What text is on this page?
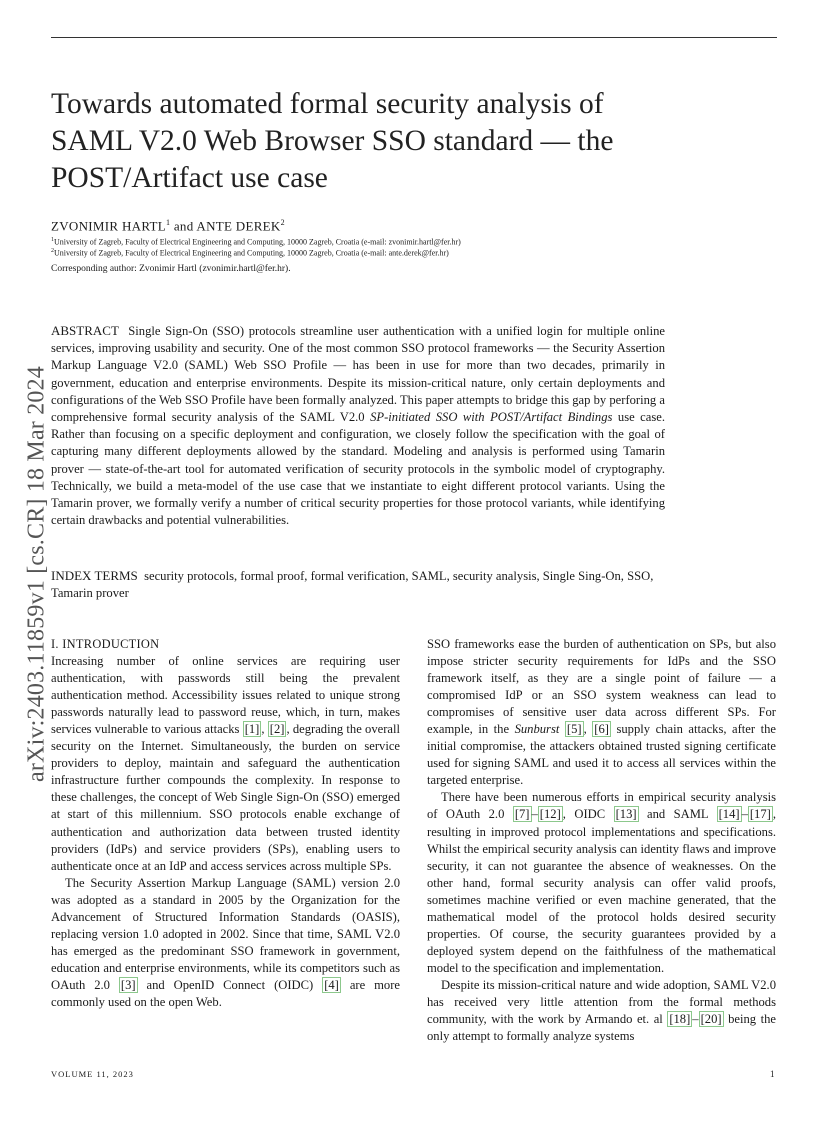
arXiv:2403.11859v1 [cs.CR] 18 Mar 2024
Towards automated formal security analysis of SAML V2.0 Web Browser SSO standard — the POST/Artifact use case
ZVONIMIR HARTL$^1$ and ANTE DEREK$^2$
$^1$University of Zagreb, Faculty of Electrical Engineering and Computing, 10000 Zagreb, Croatia (e-mail: zvonimir.hartl@fer.hr)
$^2$University of Zagreb, Faculty of Electrical Engineering and Computing, 10000 Zagreb, Croatia (e-mail: ante.derek@fer.hr)
Corresponding author: Zvonimir Hartl (zvonimir.hartl@fer.hr).
ABSTRACT Single Sign-On (SSO) protocols streamline user authentication with a unified login for multiple online services, improving usability and security. One of the most common SSO protocol frameworks — the Security Assertion Markup Language V2.0 (SAML) Web SSO Profile — has been in use for more than two decades, primarily in government, education and enterprise environments. Despite its mission-critical nature, only certain deployments and configurations of the Web SSO Profile have been formally analyzed. This paper attempts to bridge this gap by perforing a comprehensive formal security analysis of the SAML V2.0 SP-initiated SSO with POST/Artifact Bindings use case. Rather than focusing on a specific deployment and configuration, we closely follow the specification with the goal of capturing many different deployments allowed by the standard. Modeling and analysis is performed using Tamarin prover — state-of-the-art tool for automated verification of security protocols in the symbolic model of cryptography. Technically, we build a meta-model of the use case that we instantiate to eight different protocol variants. Using the Tamarin prover, we formally verify a number of critical security properties for those protocol variants, while identifying certain drawbacks and potential vulnerabilities.
INDEX TERMS security protocols, formal proof, formal verification, SAML, security analysis, Single Sing-On, SSO, Tamarin prover
I. INTRODUCTION

Increasing number of online services are requiring user authentication, with passwords still being the prevalent authentication method. Accessibility issues related to unique strong passwords naturally lead to password reuse, which, in turn, makes services vulnerable to various attacks [1] , [2] , degrading the overall security on the Internet. Simultaneously, the burden on service providers to deploy, maintain and safeguard the authentication infrastructure further compounds the complexity. In response to these challenges, the concept of Web Single Sign-On (SSO) emerged at start of this millennium. SSO protocols enable exchange of authentication and authorization data between trusted identity providers (IdPs) and service providers (SPs), enabling users to authenticate once at an IdP and access services across multiple SPs.

The Security Assertion Markup Language (SAML) version 2.0 was adopted as a standard in 2005 by the Organization for the Advancement of Structured Information Standards (OASIS), replacing version 1.0 adopted in 2002. Since that time, SAML V2.0 has emerged as the predominant SSO framework in government, education and enterprise environments, while its competitors such as OAuth 2.0 [3] and OpenID Connect (OIDC) [4] are more commonly used on the open Web.

SSO frameworks ease the burden of authentication on SPs, but also impose stricter security requirements for IdPs and the SSO framework itself, as they are a single point of failure — a compromised IdP or an SSO system weakness can lead to compromises of sensitive user data across different SPs. For example, in the Sunburst [5] , [6] supply chain attacks, after the initial compromise, the attackers obtained trusted signing certificate used for signing SAML and used it to access all services within the targeted enterprise.

There have been numerous efforts in empirical security analysis of OAuth 2.0 [7] – [12] , OIDC [13] and SAML [14] – [17] , resulting in improved protocol implementations and specifications. Whilst the empirical security analysis can identity flaws and improve security, it can not guarantee the absence of weaknesses. On the other hand, formal security analysis can offer valid proofs, sometimes machine verified or even machine generated, that the mathematical model of the protocol holds desired security properties. Of course, the security guarantees provided by a deployed system depend on the faithfulness of the mathematical model to the specification and implementation.

Despite its mission-critical nature and wide adoption, SAML V2.0 has received very little attention from the formal methods community, with the work by Armando et. al [18] – [20] being the only attempt to formally analyze systems

VOLUME 11, 2023	1
